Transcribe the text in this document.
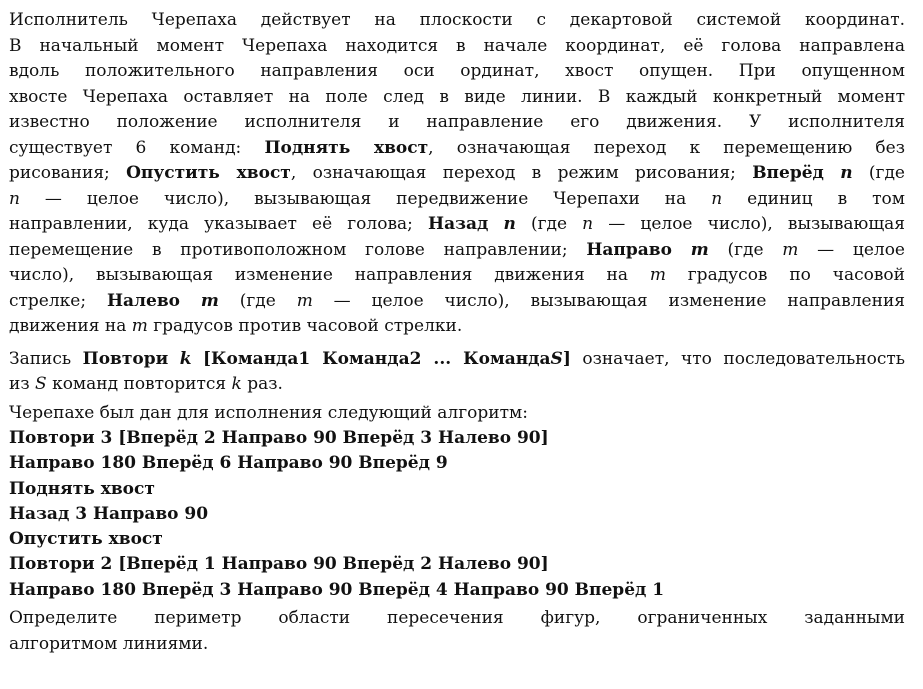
Исполнитель Черепаха действует на плоскости с декартовой системой координат.
В начальный момент Черепаха находится в начале координат, её голова направлена
вдоль положительного направления оси ординат, хвост опущен. При опущенном
хвосте Черепаха оставляет на поле след в виде линии. В каждый конкретный момент
известно положение исполнителя и направление его движения. У исполнителя
существует 6 команд: Поднять хвост, означающая переход к перемещению без
рисования; Опустить хвост, означающая переход в режим рисования; Вперёд n (где
n — целое число), вызывающая передвижение Черепахи на n единиц в том
направлении, куда указывает её голова; Назад n (где n — целое число), вызывающая
перемещение в противоположном голове направлении; Направо m (где m — целое
число), вызывающая изменение направления движения на m градусов по часовой
стрелке; Налево m (где m — целое число), вызывающая изменение направления
движения на m градусов против часовой стрелки.
Запись Повтори k [Команда1 Команда2 ... КомандаS] означает, что последовательность
из S команд повторится k раз.
Черепахе был дан для исполнения следующий алгоритм:
Повтори 3 [Вперёд 2 Направо 90 Вперёд 3 Налево 90]
Направо 180 Вперёд 6 Направо 90 Вперёд 9
Поднять хвост
Назад 3 Направо 90
Опустить хвост
Повтори 2 [Вперёд 1 Направо 90 Вперёд 2 Налево 90]
Направо 180 Вперёд 3 Направо 90 Вперёд 4 Направо 90 Вперёд 1
Определите периметр области пересечения фигур, ограниченных заданными
алгоритмом линиями.
